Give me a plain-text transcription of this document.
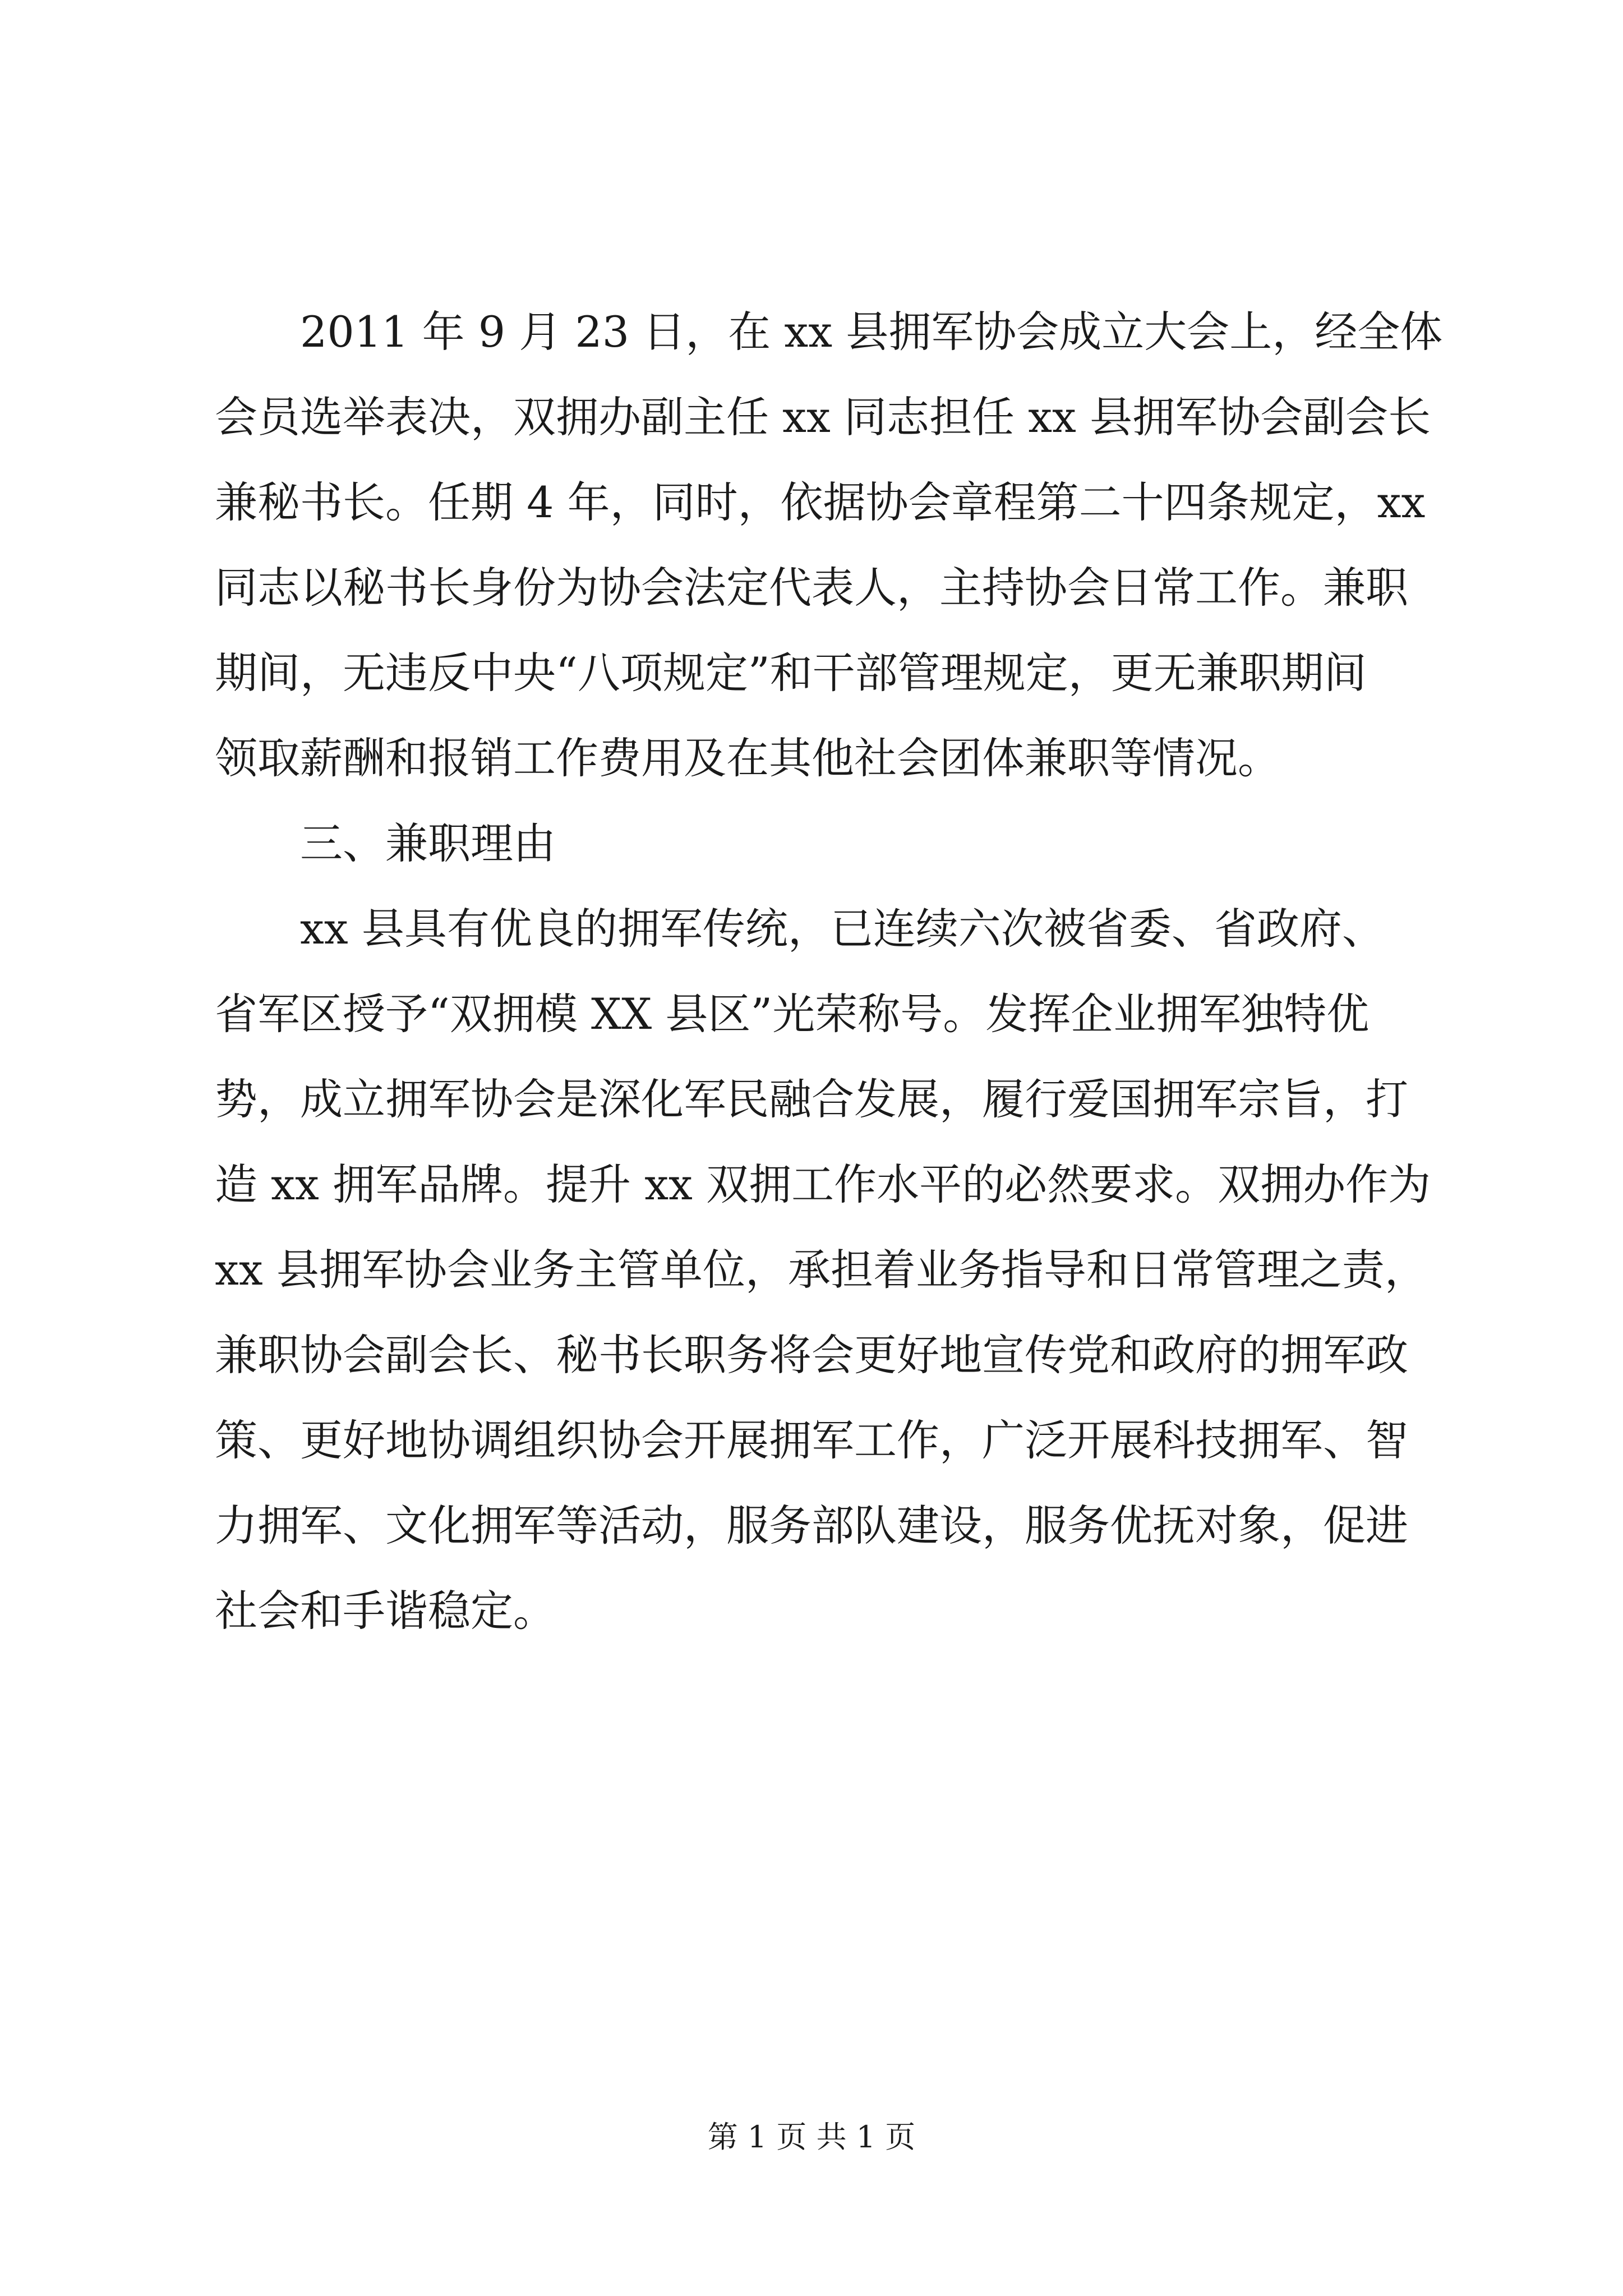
2011 年 9 月 23 日，在 xx 县拥军协会成立大会上，经全体
会员选举表决，双拥办副主任 xx 同志担任 xx 县拥军协会副会长
兼秘书长。任期 4 年，同时，依据协会章程第二十四条规定，xx
同志以秘书长身份为协会法定代表人，主持协会日常工作。兼职
期间，无违反中央“八项规定”和干部管理规定，更无兼职期间
领取薪酬和报销工作费用及在其他社会团体兼职等情况。
三、兼职理由
xx 县具有优良的拥军传统，已连续六次被省委、省政府、
省军区授予“双拥模 XX 县区”光荣称号。发挥企业拥军独特优
势，成立拥军协会是深化军民融合发展，履行爱国拥军宗旨，打
造 xx 拥军品牌。提升 xx 双拥工作水平的必然要求。双拥办作为
xx 县拥军协会业务主管单位，承担着业务指导和日常管理之责，
兼职协会副会长、秘书长职务将会更好地宣传党和政府的拥军政
策、更好地协调组织协会开展拥军工作，广泛开展科技拥军、智
力拥军、文化拥军等活动，服务部队建设，服务优抚对象，促进
社会和手谐稳定。
第 1 页 共 1 页
